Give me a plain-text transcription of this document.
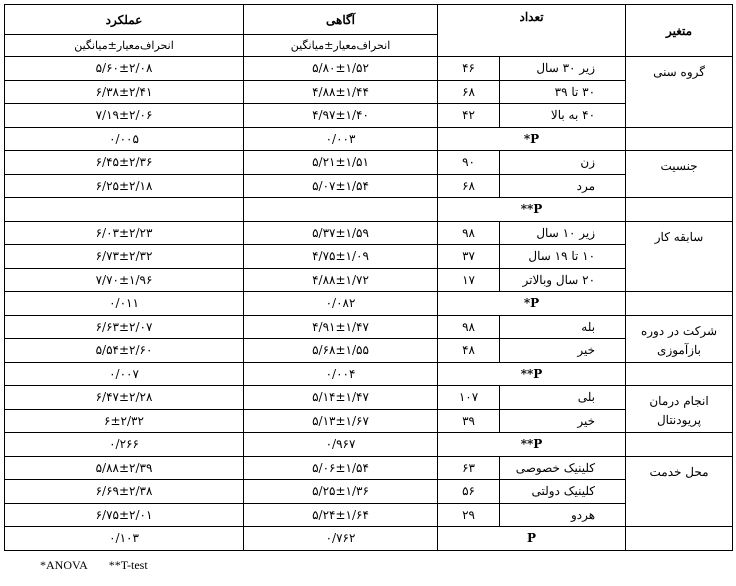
متغیر	تعداد		آگاهی	عملکرد
			انحراف‌معیار±میانگین	انحراف‌معیار±میانگین
گروه سنی	زیر ۳۰ سال	۴۶	۵/۸۰±۱/۵۲	۵/۶۰±۲/۰۸
	۳۰ تا ۳۹	۶۸	۴/۸۸±۱/۴۴	۶/۳۸±۲/۴۱
	۴۰ به بالا	۴۲	۴/۹۷±۱/۴۰	۷/۱۹±۲/۰۶
	P*		۰/۰۰۳	۰/۰۰۵
جنسیت	زن	۹۰	۵/۲۱±۱/۵۱	۶/۴۵±۲/۳۶
	مرد	۶۸	۵/۰۷±۱/۵۴	۶/۲۵±۲/۱۸
	P**			
سابقه کار	زیر ۱۰ سال	۹۸	۵/۳۷±۱/۵۹	۶/۰۳±۲/۲۳
	۱۰ تا ۱۹ سال	۳۷	۴/۷۵±۱/۰۹	۶/۷۳±۲/۳۲
	۲۰ سال وبالاتر	۱۷	۴/۸۸±۱/۷۲	۷/۷۰±۱/۹۶
	P*		۰/۰۸۲	۰/۰۱۱
شرکت در دوره بازآموزی	بله	۹۸	۴/۹۱±۱/۴۷	۶/۶۳±۲/۰۷
	خیر	۴۸	۵/۶۸±۱/۵۵	۵/۵۴±۲/۶۰
	P**		۰/۰۰۴	۰/۰۰۷
انجام درمان پریودنتال	بلی	۱۰۷	۵/۱۴±۱/۴۷	۶/۴۷±۲/۲۸
	خیر	۳۹	۵/۱۳±۱/۶۷	۶±۲/۳۲
	P**		۰/۹۶۷	۰/۲۶۶
محل خدمت	کلینیک خصوصی	۶۳	۵/۰۶±۱/۵۴	۵/۸۸±۲/۳۹
	کلینیک دولتی	۵۶	۵/۲۵±۱/۳۶	۶/۶۹±۲/۳۸
	هردو	۲۹	۵/۲۴±۱/۶۴	۶/۷۵±۲/۰۱
	P		۰/۷۶۲	۰/۱۰۳
*ANOVA **T-test
